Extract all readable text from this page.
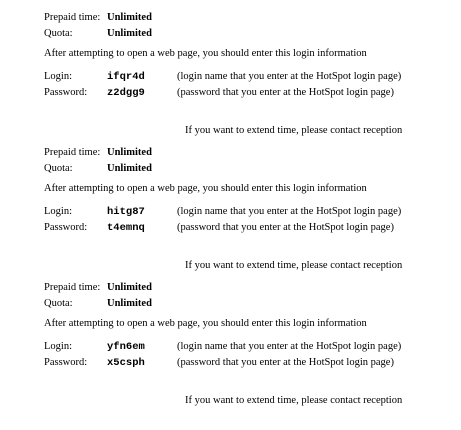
Prepaid time: Unlimited
Quota:	Unlimited
After attempting to open a web page, you should enter this login information
Login:	ifqr4d	(login name that you enter at the HotSpot login page)
Password: z2dgg9	(password that you enter at the HotSpot login page)
If you want to extend time, please contact reception
Prepaid time: Unlimited
Quota:	Unlimited
After attempting to open a web page, you should enter this login information
Login:	hitg87	(login name that you enter at the HotSpot login page)
Password: t4emnq	(password that you enter at the HotSpot login page)
If you want to extend time, please contact reception
Prepaid time: Unlimited
Quota:	Unlimited
After attempting to open a web page, you should enter this login information
Login:	yfn6em	(login name that you enter at the HotSpot login page)
Password: x5csph	(password that you enter at the HotSpot login page)
If you want to extend time, please contact reception
